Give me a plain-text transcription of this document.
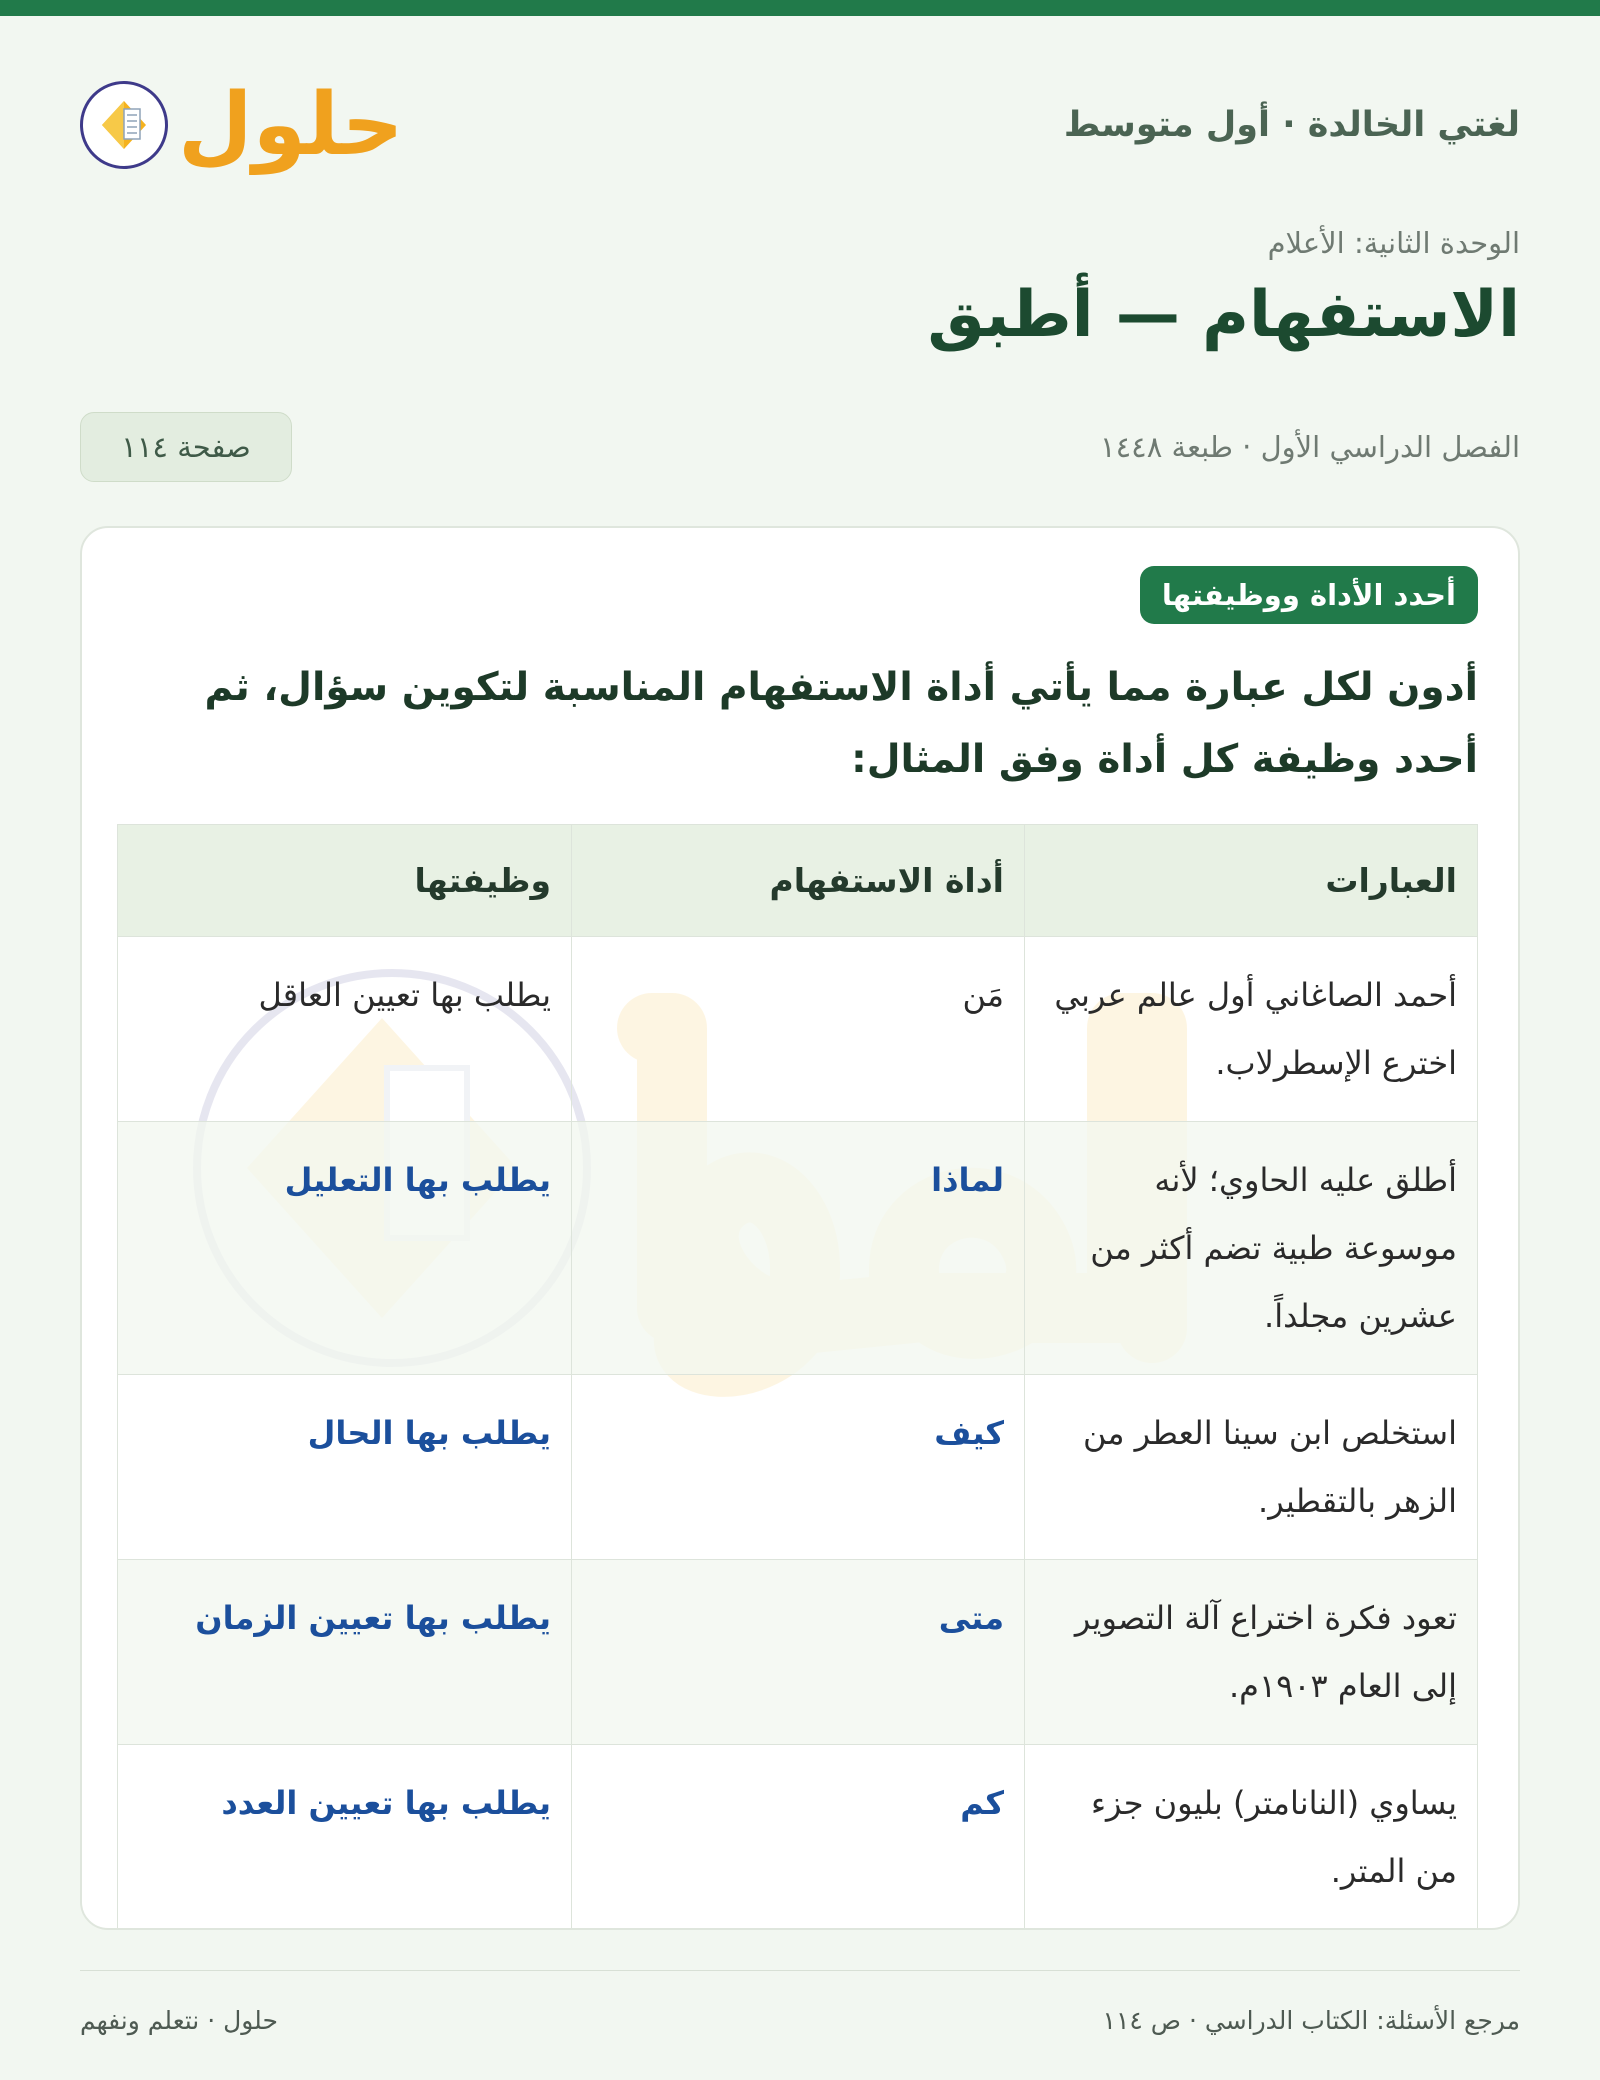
لغتي الخالدة · أول متوسط
حلول
الوحدة الثانية: الأعلام
الاستفهام — أطبق
الفصل الدراسي الأول · طبعة ١٤٤٨
صفحة ١١٤
أحدد الأداة ووظيفتها

أدون لكل عبارة مما يأتي أداة الاستفهام المناسبة لتكوين سؤال، ثم أحدد وظيفة كل أداة وفق المثال:

العبارات	أداة الاستفهام	وظيفتها
أحمد الصاغاني أول عالم عربي اخترع الإسطرلاب.	مَن	يطلب بها تعيين العاقل
أطلق عليه الحاوي؛ لأنه موسوعة طبية تضم أكثر من عشرين مجلداً.	لماذا	يطلب بها التعليل
استخلص ابن سينا العطر من الزهر بالتقطير.	كيف	يطلب بها الحال
تعود فكرة اختراع آلة التصوير إلى العام ١٩٠٣م.	متى	يطلب بها تعيين الزمان
يساوي (النانامتر) بليون جزء من المتر.	كم	يطلب بها تعيين العدد
مرجع الأسئلة: الكتاب الدراسي · ص ١١٤
حلول · نتعلم ونفهم
